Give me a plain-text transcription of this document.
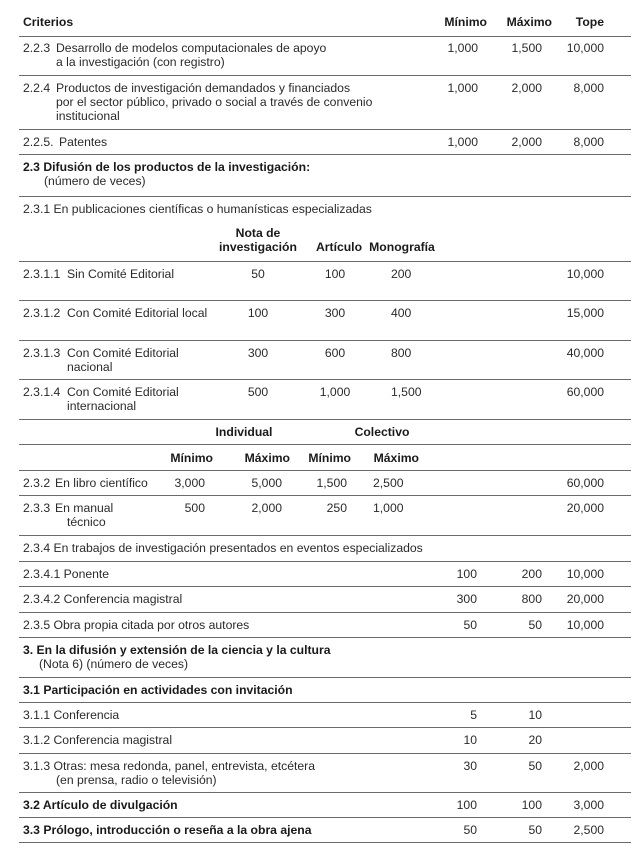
Criterios	Mínimo Máximo Tope
2.2.3 Desarrollo de modelos computacionales de apoyo
a la investigación (con registro)
1,000	1,500 10,000
2.2.4 Productos de investigación demandados y financiados
por el sector público, privado o social a través de convenio
institucional
1,000	2,000	8,000
2.2.5. Patentes	1,000	2,000	8,000
2.3 Difusión de los productos de la investigación:
(número de veces)
2.3.1 En publicaciones científicas o humanísticas especializadas
Nota de
investigación	Artículo Monografía
2.3.1.1 Sin Comité Editorial	50	100	200	10,000
2.3.1.2 Con Comité Editorial local	100	300	400	15,000
2.3.1.3 Con Comité Editorial
nacional
300	600	800	40,000
2.3.1.4 Con Comité Editorial
internacional
500	1,000	1,500	60,000
Individual	Colectivo
Mínimo	Máximo Mínimo Máximo
2.3.2 En libro científico 3,000	5,000	1,500 2,500	60,000
2.3.3 En manual
técnico
500	2,000	250 1,000	20,000
2.3.4 En trabajos de investigación presentados en eventos especializados
2.3.4.1 Ponente	100	200 10,000
2.3.4.2 Conferencia magistral	300	800 20,000
2.3.5 Obra propia citada por otros autores	50	50 10,000
3. En la difusión y extensión de la ciencia y la cultura
(Nota 6) (número de veces)
3.1 Participación en actividades con invitación
3.1.1 Conferencia	5	10
3.1.2 Conferencia magistral	10	20
3.1.3 Otras: mesa redonda, panel, entrevista, etcétera
(en prensa, radio o televisión)
30	50	2,000
3.2 Artículo de divulgación	100	100	3,000
3.3 Prólogo, introducción o reseña a la obra ajena	50	50	2,500
